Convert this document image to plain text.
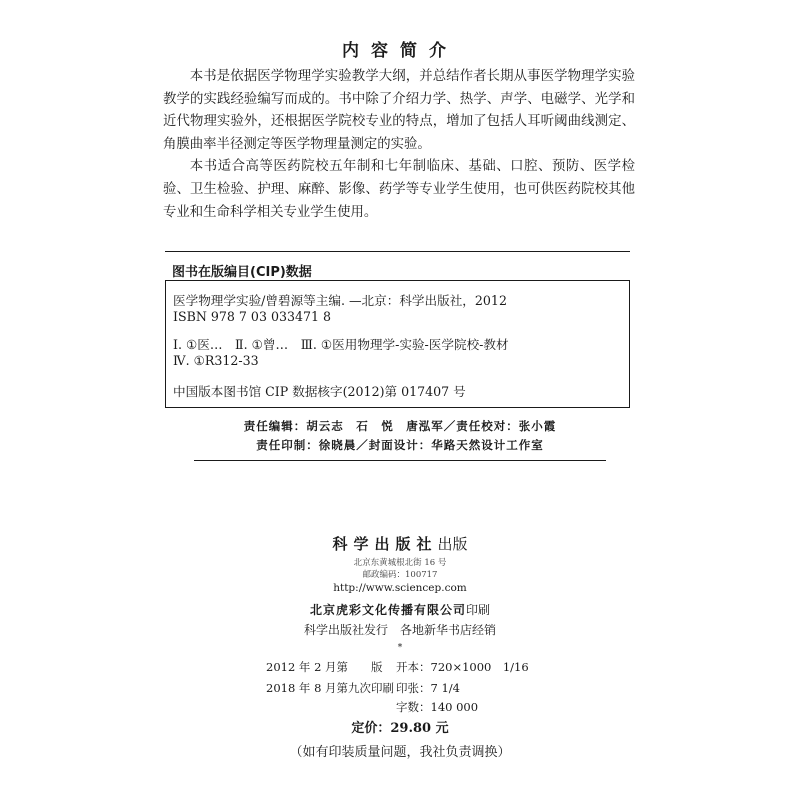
内容简介

本书是依据医学物理学实验教学大纲，并总结作者长期从事医学物理学实验教学的实践经验编写而成的。书中除了介绍力学、热学、声学、电磁学、光学和近代物理实验外，还根据医学院校专业的特点，增加了包括人耳听阈曲线测定、角膜曲率半径测定等医学物理量测定的实验。

本书适合高等医药院校五年制和七年制临床、基础、口腔、预防、医学检验、卫生检验、护理、麻醉、影像、药学等专业学生使用，也可供医药院校其他专业和生命科学相关专业学生使用。

图书在版编目(CIP)数据
医学物理学实验/曾碧源等主编. —北京：科学出版社，2012
ISBN 978 7 03 033471 8
Ⅰ. ①医…　Ⅱ. ①曾…　Ⅲ. ①医用物理学-实验-医学院校-教材
Ⅳ. ①R312-33
中国版本图书馆 CIP 数据核字(2012)第 017407 号
责任编辑：胡云志　石　悦　唐泓军／责任校对：张小霞
责任印制：徐晓晨／封面设计：华路天然设计工作室
科学出版社出版
北京东黄城根北街 16 号
邮政编码：100717
http://www.sciencep.com
北京虎彩文化传播有限公司印刷
科学出版社发行　各地新华书店经销
*
2012 年 2 月第　　版 开本：720×1000　1/16
2018 年 8 月第九次印刷 印张：7 1/4
字数：140 000
定价：29.80 元
（如有印装质量问题，我社负责调换）
